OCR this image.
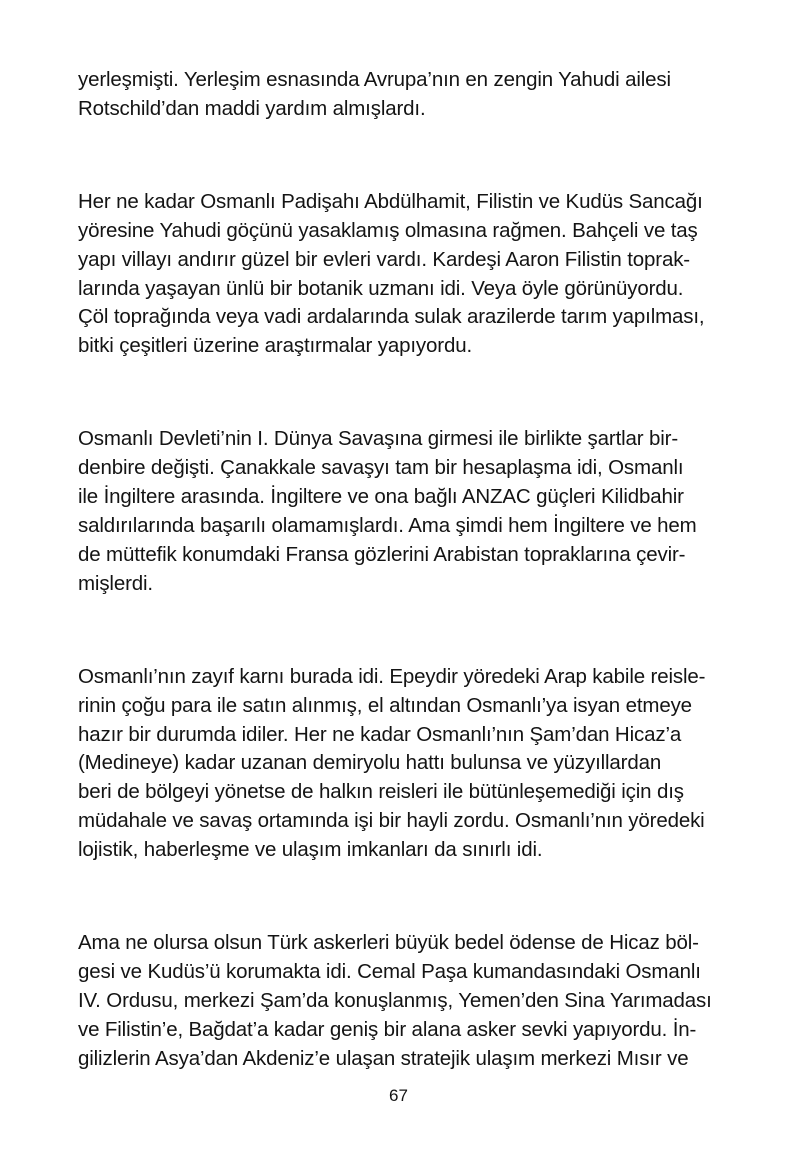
yerleşmişti. Yerleşim esnasında Avrupa’nın en zengin Yahudi ailesi
Rotschild’dan maddi yardım almışlardı.

Her ne kadar Osmanlı Padişahı Abdülhamit, Filistin ve Kudüs Sancağı
yöresine Yahudi göçünü yasaklamış olmasına rağmen. Bahçeli ve taş
yapı villayı andırır güzel bir evleri vardı. Kardeşi Aaron Filistin toprak-
larında yaşayan ünlü bir botanik uzmanı idi. Veya öyle görünüyordu.
Çöl toprağında veya vadi ardalarında sulak arazilerde tarım yapılması,
bitki çeşitleri üzerine araştırmalar yapıyordu.

Osmanlı Devleti’nin I. Dünya Savaşına girmesi ile birlikte şartlar bir-
denbire değişti. Çanakkale savaşyı tam bir hesaplaşma idi, Osmanlı
ile İngiltere arasında. İngiltere ve ona bağlı ANZAC güçleri Kilidbahir
saldırılarında başarılı olamamışlardı. Ama şimdi hem İngiltere ve hem
de müttefik konumdaki Fransa gözlerini Arabistan topraklarına çevir-
mişlerdi.

Osmanlı’nın zayıf karnı burada idi. Epeydir yöredeki Arap kabile reisle-
rinin çoğu para ile satın alınmış, el altından Osmanlı’ya isyan etmeye
hazır bir durumda idiler. Her ne kadar Osmanlı’nın Şam’dan Hicaz’a
(Medineye) kadar uzanan demiryolu hattı bulunsa ve yüzyıllardan
beri de bölgeyi yönetse de halkın reisleri ile bütünleşemediği için dış
müdahale ve savaş ortamında işi bir hayli zordu. Osmanlı’nın yöredeki
lojistik, haberleşme ve ulaşım imkanları da sınırlı idi.

Ama ne olursa olsun Türk askerleri büyük bedel ödense de Hicaz böl-
gesi ve Kudüs’ü korumakta idi. Cemal Paşa kumandasındaki Osmanlı
IV. Ordusu, merkezi Şam’da konuşlanmış, Yemen’den Sina Yarımadası
ve Filistin’e, Bağdat’a kadar geniş bir alana asker sevki yapıyordu. İn-
gilizlerin Asya’dan Akdeniz’e ulaşan stratejik ulaşım merkezi Mısır ve

67
